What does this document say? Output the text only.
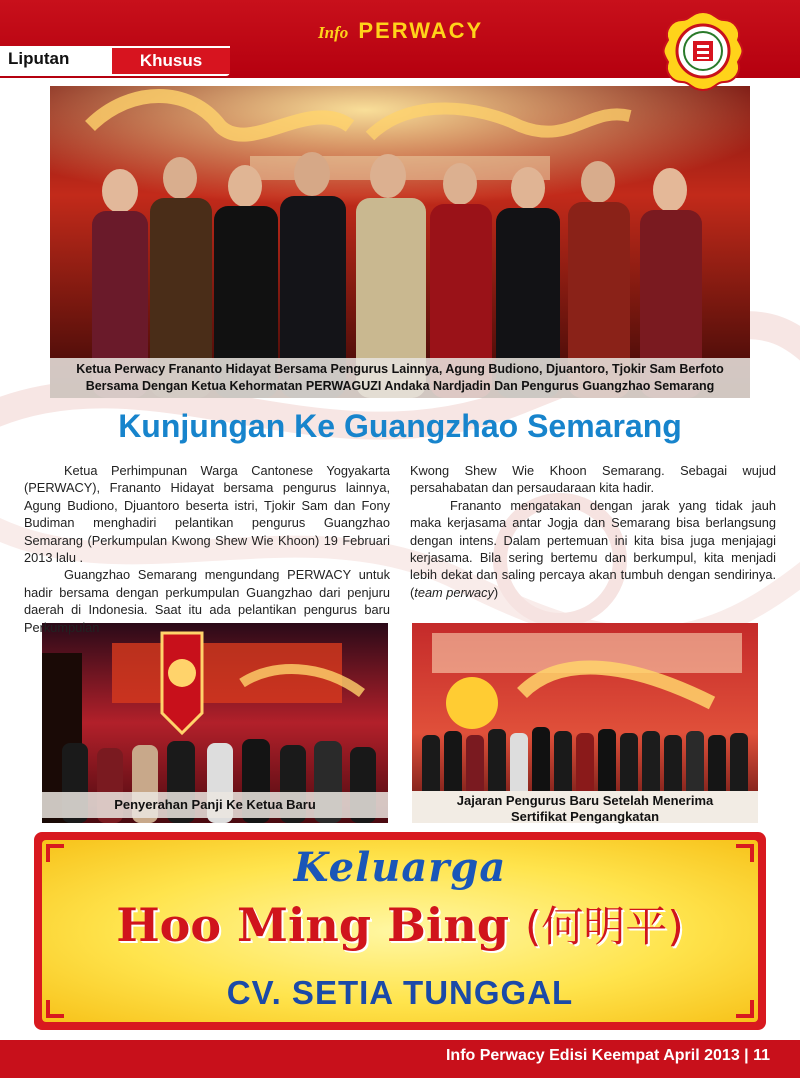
Info PERWACY
Liputan	Khusus
Ketua Perwacy Frananto Hidayat Bersama Pengurus Lainnya, Agung Budiono, Djuantoro, Tjokir Sam Berfoto
Bersama Dengan Ketua Kehormatan PERWAGUZI Andaka Nardjadin Dan Pengurus Guangzhao Semarang
Kunjungan Ke Guangzhao Semarang

Ketua Perhimpunan Warga Cantonese Yogyakarta (PERWACY), Frananto Hidayat bersama pengurus lainnya, Agung Budiono, Djuantoro beserta istri, Tjokir Sam dan Fony Budiman menghadiri pelantikan pengurus Guangzhao Semarang (Perkumpulan Kwong Shew Wie Khoon) 19 Februari 2013 lalu .

Guangzhao Semarang mengundang PERWACY untuk hadir bersama dengan perkumpulan Guangzhao dari penjuru daerah di Indonesia. Saat itu ada pelantikan pengurus baru Perkumpulan

Kwong Shew Wie Khoon Semarang. Sebagai wujud persahabatan dan persaudaraan kita hadir.

Frananto mengatakan dengan jarak yang tidak jauh maka kerjasama antar Jogja dan Semarang bisa berlangsung dengan intens. Dalam pertemuan ini kita bisa juga menjajagi kerjasama. Bila sering bertemu dan berkumpul, kita menjadi lebih dekat dan saling percaya akan tumbuh dengan sendirinya. (team perwacy)

Penyerahan Panji Ke Ketua Baru	Jajaran Pengurus Baru Setelah Menerima
Sertifikat Pengangkatan
Keluarga
Hoo Ming Bing (何明平)
CV. SETIA TUNGGAL
Info Perwacy Edisi Keempat April 2013 | 11
